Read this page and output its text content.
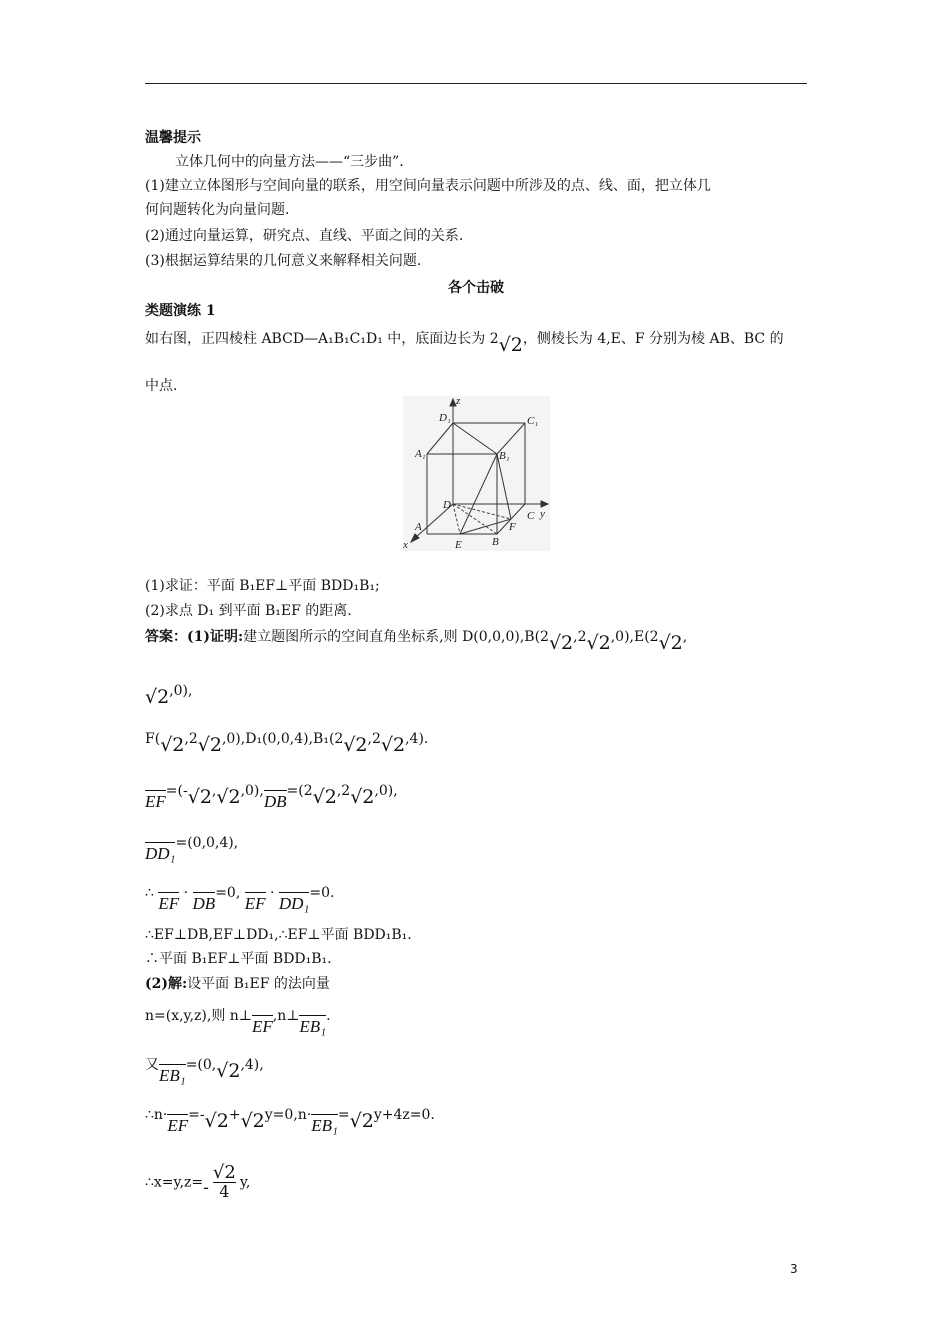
温馨提示
立体几何中的向量方法——“三步曲”．
(1)建立立体图形与空间向量的联系，用空间向量表示问题中所涉及的点、线、面，把立体几
何问题转化为向量问题.
(2)通过向量运算，研究点、直线、平面之间的关系.
(3)根据运算结果的几何意义来解释相关问题.
各个击破
类题演练 1
如右图，正四棱柱 ABCD—A₁B₁C₁D₁ 中，底面边长为 2√2，侧棱长为 4,E、F 分别为棱 AB、BC 的
中点.
z
D₁	C₁
A₁	B₁
D
y
C
F
A
B
E
x
(1)求证：平面 B₁EF⊥平面 BDD₁B₁;
(2)求点 D₁ 到平面 B₁EF 的距离.
答案：(1)证明:建立题图所示的空间直角坐标系,则 D(0,0,0),B(2√2,2√2,0),E(2√2,
√2,0),
F(√2,2√2,0),D₁(0,0,4),B₁(2√2,2√2,4).
EF=(-√2,√2,0),DB=(2√2,2√2,0),
DD₁=(0,0,4),
∴ EF · DB=0, EF · DD₁=0.
∴EF⊥DB,EF⊥DD₁,∴EF⊥平面 BDD₁B₁.
∴平面 B₁EF⊥平面 BDD₁B₁.
(2)解:设平面 B₁EF 的法向量
n=(x,y,z),则 n⊥EF,n⊥EB₁.
又EB₁=(0,√2,4),
∴n·EF=-√2+√2y=0,n·EB₁=√2y+4z=0.
∴x=y,z=- $\frac{√2}{4} y$,
3
